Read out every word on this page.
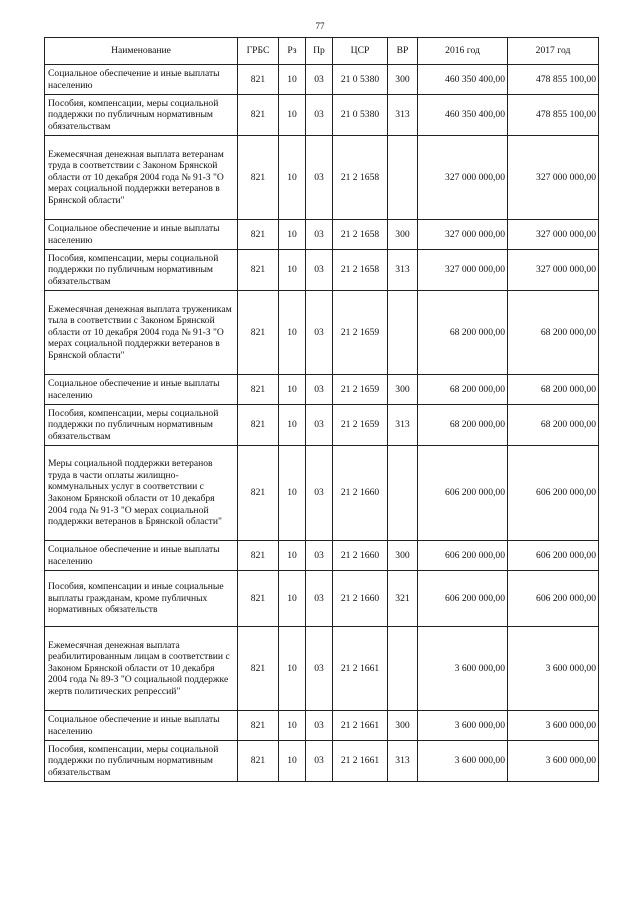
77
Наименование	ГРБС	Рз	Пр	ЦСР	ВР	2016 год	2017 год
Социальное обеспечение и иные выплаты населению	821	10	03	21 0 5380	300	460 350 400,00	478 855 100,00
Пособия, компенсации, меры социальной поддержки по публичным нормативным обязательствам	821	10	03	21 0 5380	313	460 350 400,00	478 855 100,00
Ежемесячная денежная выплата ветеранам труда в соответствии с Законом Брянской области от 10 декабря 2004 года № 91-З "О мерах социальной поддержки ветеранов в Брянской области"	821	10	03	21 2 1658		327 000 000,00	327 000 000,00
Социальное обеспечение и иные выплаты населению	821	10	03	21 2 1658	300	327 000 000,00	327 000 000,00
Пособия, компенсации, меры социальной поддержки по публичным нормативным обязательствам	821	10	03	21 2 1658	313	327 000 000,00	327 000 000,00
Ежемесячная денежная выплата труженикам тыла в соответствии с Законом Брянской области от 10 декабря 2004 года № 91-З "О мерах социальной поддержки ветеранов в Брянской области"	821	10	03	21 2 1659		68 200 000,00	68 200 000,00
Социальное обеспечение и иные выплаты населению	821	10	03	21 2 1659	300	68 200 000,00	68 200 000,00
Пособия, компенсации, меры социальной поддержки по публичным нормативным обязательствам	821	10	03	21 2 1659	313	68 200 000,00	68 200 000,00
Меры социальной поддержки ветеранов труда в части оплаты жилищно-коммунальных услуг в соответствии с Законом Брянской области от 10 декабря 2004 года № 91-З "О мерах социальной поддержки ветеранов в Брянской области"	821	10	03	21 2 1660		606 200 000,00	606 200 000,00
Социальное обеспечение и иные выплаты населению	821	10	03	21 2 1660	300	606 200 000,00	606 200 000,00
Пособия, компенсации и иные социальные выплаты гражданам, кроме публичных нормативных обязательств	821	10	03	21 2 1660	321	606 200 000,00	606 200 000,00
Ежемесячная денежная выплата реабилитированным лицам в соответствии с Законом Брянской области от 10 декабря 2004 года № 89-З "О социальной поддержке жертв политических репрессий"	821	10	03	21 2 1661		3 600 000,00	3 600 000,00
Социальное обеспечение и иные выплаты населению	821	10	03	21 2 1661	300	3 600 000,00	3 600 000,00
Пособия, компенсации, меры социальной поддержки по публичным нормативным обязательствам	821	10	03	21 2 1661	313	3 600 000,00	3 600 000,00
